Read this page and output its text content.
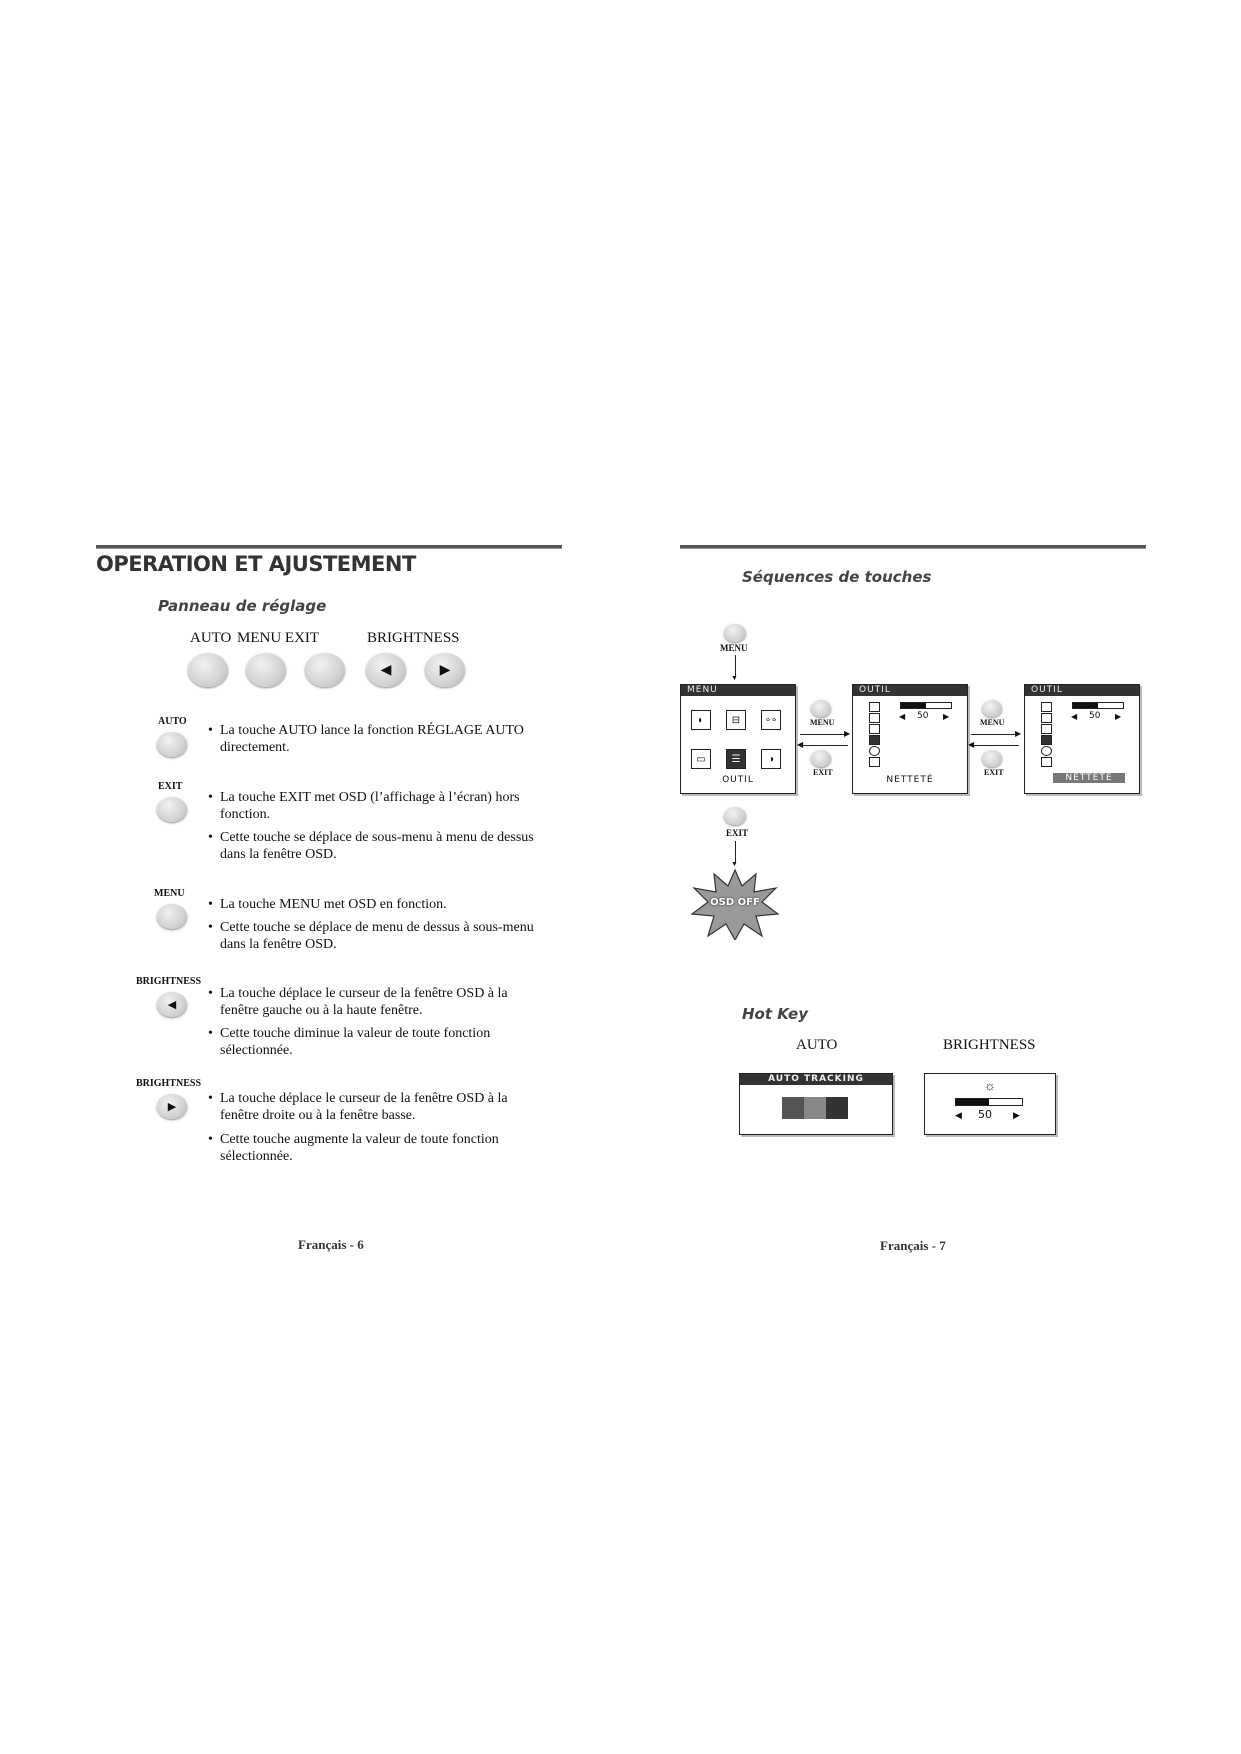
OPERATION ET AJUSTEMENT
Panneau de réglage
AUTO MENU EXIT	BRIGHTNESS
◀	▶
AUTO
• La touche AUTO lance la fonction RÉGLAGE AUTO directement.
EXIT
• La touche EXIT met OSD (l’affichage à l’écran) hors fonction.
• Cette touche se déplace de sous-menu à menu de dessus dans la fenêtre OSD.
MENU
• La touche MENU met OSD en fonction.
• Cette touche se déplace de menu de dessus à sous-menu dans la fenêtre OSD.
BRIGHTNESS
◀
• La touche déplace le curseur de la fenêtre OSD à la fenêtre gauche ou à la haute fenêtre.
• Cette touche diminue la valeur de toute fonction sélectionnée.
BRIGHTNESS
▶
• La touche déplace le curseur de la fenêtre OSD à la fenêtre droite ou à la fenêtre basse.
• Cette touche augmente la valeur de toute fonction sélectionnée.
Français - 6
Séquences de touches
MENU
▼
MENU
◐	⊟	∘∘
▭	☰	◑
OUTIL
MENU
▶
◀
EXIT
OUTIL
◀ 50 ▶
NETTETÉ
MENU
▶
◀
EXIT
OUTIL
◀ 50 ▶
NETTETÉ
EXIT
▼
OSD OFF
Hot Key
AUTO	BRIGHTNESS
AUTO TRACKING	☼
◀ 50 ▶
Français - 7
